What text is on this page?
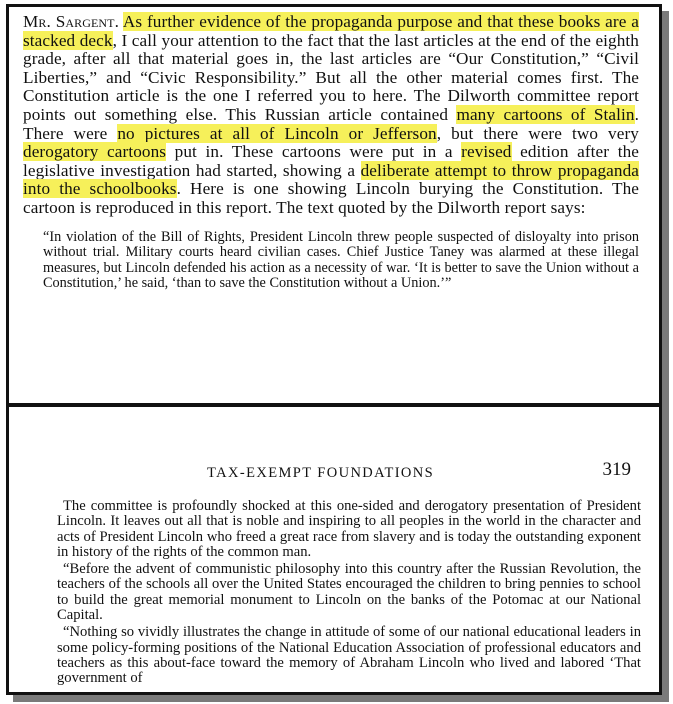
Mr. Sargent. As further evidence of the propaganda purpose and that these books are a stacked deck, I call your attention to the fact that the last articles at the end of the eighth grade, after all that material goes in, the last articles are “Our Constitution,” “Civil Liberties,” and “Civic Responsibility.” But all the other material comes first. The Constitution article is the one I referred you to here. The Dilworth committee report points out something else. This Russian article contained many cartoons of Stalin. There were no pictures at all of Lincoln or Jefferson, but there were two very derogatory cartoons put in. These cartoons were put in a revised edition after the legislative investigation had started, showing a deliberate attempt to throw propaganda into the schoolbooks. Here is one showing Lincoln burying the Constitution. The cartoon is reproduced in this report. The text quoted by the Dilworth report says:

“In violation of the Bill of Rights, President Lincoln threw people suspected of disloyalty into prison without trial. Military courts heard civilian cases. Chief Justice Taney was alarmed at these illegal measures, but Lincoln defended his action as a necessity of war. ‘It is better to save the Union without a Constitution,’ he said, ‘than to save the Constitution without a Union.’”

TAX-EXEMPT FOUNDATIONS	319

The committee is profoundly shocked at this one-sided and derogatory presentation of President Lincoln. It leaves out all that is noble and inspiring to all peoples in the world in the character and acts of President Lincoln who freed a great race from slavery and is today the outstanding exponent in history of the rights of the common man.

“Before the advent of communistic philosophy into this country after the Russian Revolution, the teachers of the schools all over the United States encouraged the children to bring pennies to school to build the great memorial monument to Lincoln on the banks of the Potomac at our National Capital.

“Nothing so vividly illustrates the change in attitude of some of our national educational leaders in some policy-forming positions of the National Education Association of professional educators and teachers as this about-face toward the memory of Abraham Lincoln who lived and labored ‘That government of
